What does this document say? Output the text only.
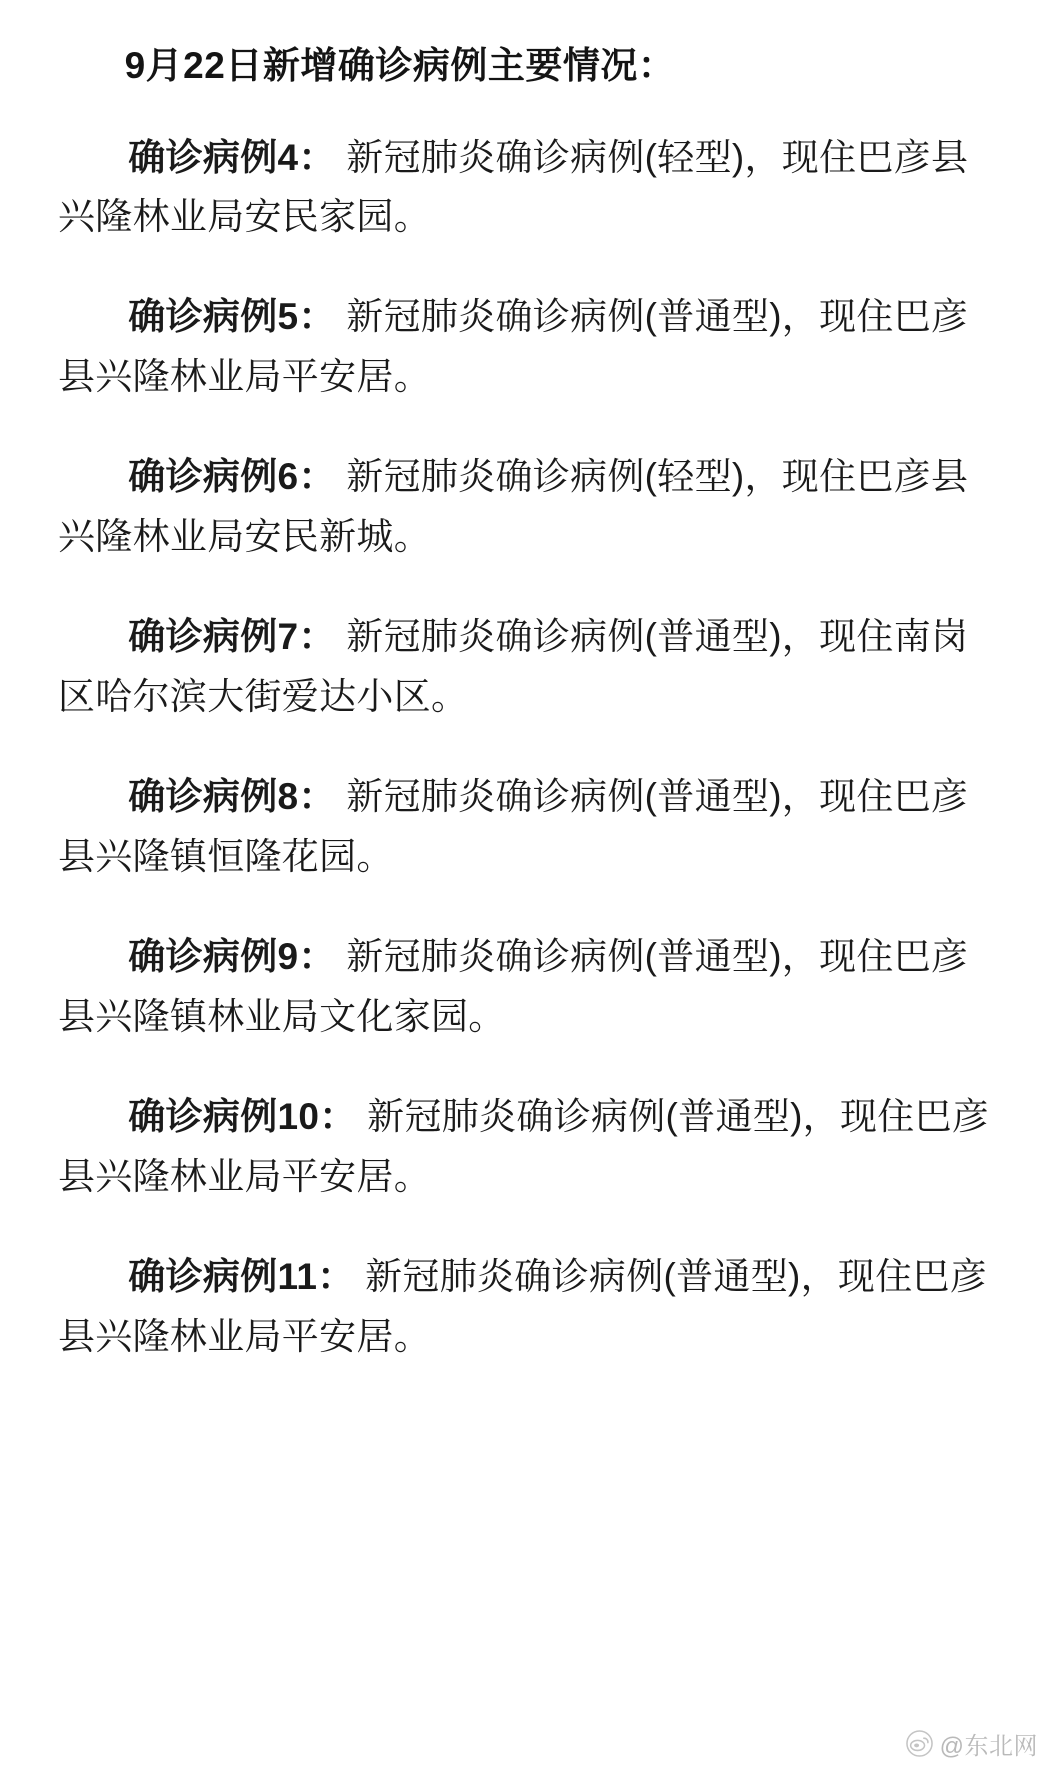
9月22日新增确诊病例主要情况：

确诊病例4： 新冠肺炎确诊病例(轻型)，现住巴彦县兴隆林业局安民家园。

确诊病例5： 新冠肺炎确诊病例(普通型)，现住巴彦县兴隆林业局平安居。

确诊病例6： 新冠肺炎确诊病例(轻型)，现住巴彦县兴隆林业局安民新城。

确诊病例7： 新冠肺炎确诊病例(普通型)，现住南岗区哈尔滨大街爱达小区。

确诊病例8： 新冠肺炎确诊病例(普通型)，现住巴彦县兴隆镇恒隆花园。

确诊病例9： 新冠肺炎确诊病例(普通型)，现住巴彦县兴隆镇林业局文化家园。

确诊病例10： 新冠肺炎确诊病例(普通型)，现住巴彦县兴隆林业局平安居。

确诊病例11： 新冠肺炎确诊病例(普通型)，现住巴彦县兴隆林业局平安居。

@东北网
